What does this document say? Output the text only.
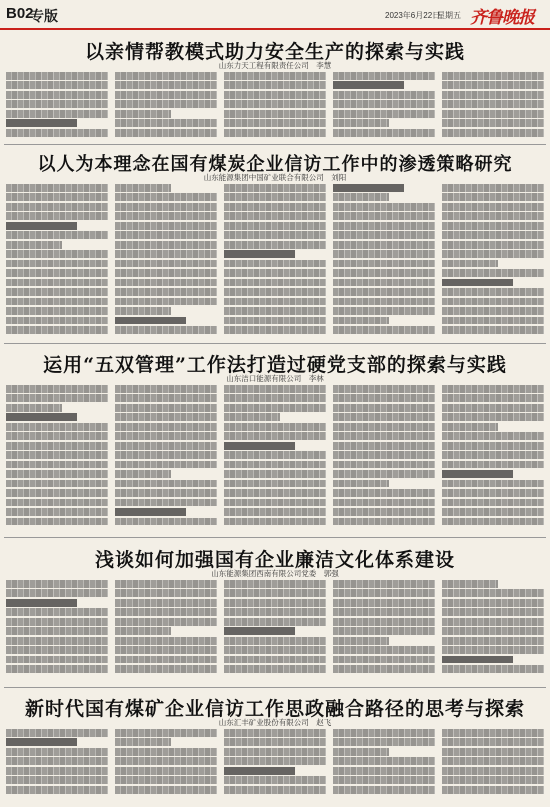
B02
专版	2023年6月22日
星期五 齐鲁晚报
以亲情帮教模式助力安全生产的探索与实践
山东力天工程有限责任公司　李慧
以人为本理念在国有煤炭企业信访工作中的渗透策略研究
山东能源集团中国矿业联合有限公司　刘阳
运用“五双管理”工作法打造过硬党支部的探索与实践
山东洁口能源有限公司　李林
浅谈如何加强国有企业廉洁文化体系建设
山东能源集团西南有限公司党委　郭强
新时代国有煤矿企业信访工作思政融合路径的思考与探索
山东汇丰矿业股份有限公司　赵飞
